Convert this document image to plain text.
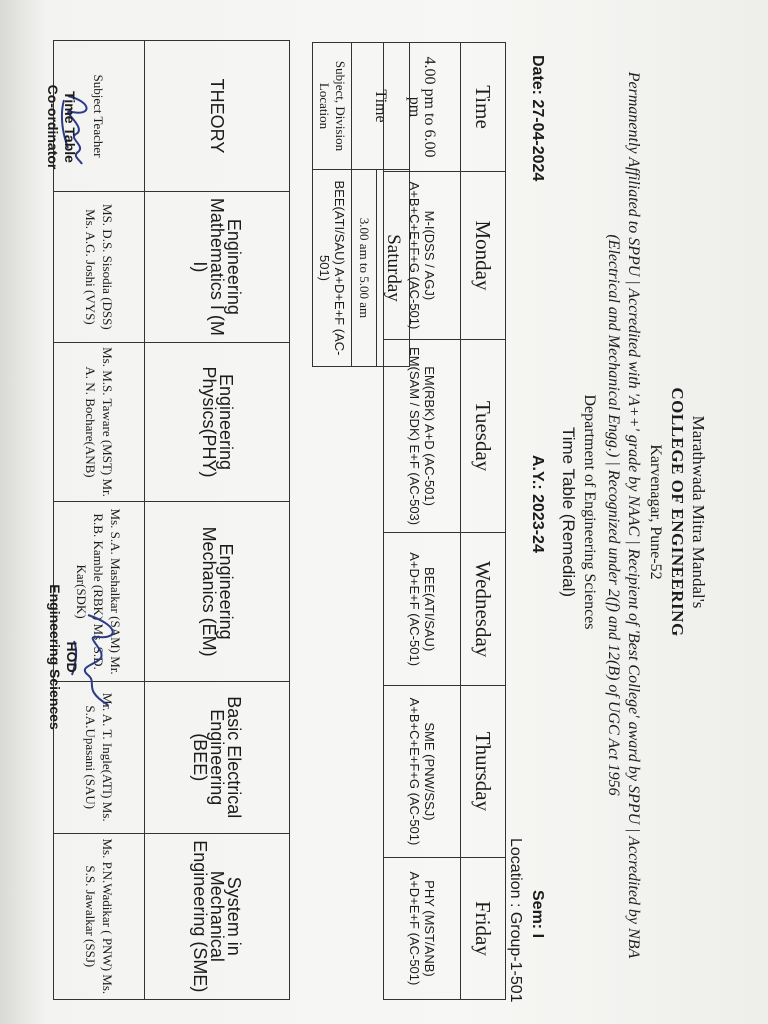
Marathwada Mitra Mandal's
COLLEGE OF ENGINEERING
Karvenagar, Pune-52
Permanently Affiliated to SPPU | Accredited with 'A++' grade by NAAC | Recipient of 'Best College' award by SPPU | Accredited by NBA (Electrical and Mechanical Engg.) | Recognized under 2(f) and 12(B) of UGC Act 1956
Department of Engineering Sciences
Time Table (Remedial)
Date: 27-04-2024
A.Y.: 2023-24
Sem: I
Location : Group-1-501
Time	Monday	Tuesday	Wednesday	Thursday	Friday
4.00 pm to 6.00 pm	M-I(DSS / AGJ) A+B+C+E+F+G (AC-501)	EM(RBK) A+D (AC-501) EM(SAM / SDK) E+F (AC-503)	BEE(ATI/SAU) A+D+E+F (AC-501)	SME (PNW/SSJ) A+B+C+E+F+G (AC-501)	PHY (MST/ANB) A+D+E+F (AC-501)
Time	Saturday
	3.00 am to 5.00 am
Subject, Division Location	BEE(ATI/SAU) A+D+E+F (AC-501)
THEORY	Engineering Mathematics I (M I)	Engineering Physics(PHY)	Engineering Mechanics (EM)	Basic Electrical Engineering (BEE)	System in Mechanical Engineering (SME)
Subject Teacher	MS. D.S. Sisodia (DSS) Ms. A.G. Joshi (VYS)	Ms. M.S. Taware (MST) Mr. A. N. Bochare(ANB)	Ms. S.A. Mashalkar (SAM) Mr. R.B. Kamble (RBK) Ms. S.D. Kar(SDK)	Mr. A. T. Ingle(ATI) Ms. S.A.Upasani (SAU)	Ms. P.N.Wadikar ( PNW) Ms. S.S. Jawalkar (SSJ)
Time Table
Co-ordinator
HOD
Engineering Sciences
